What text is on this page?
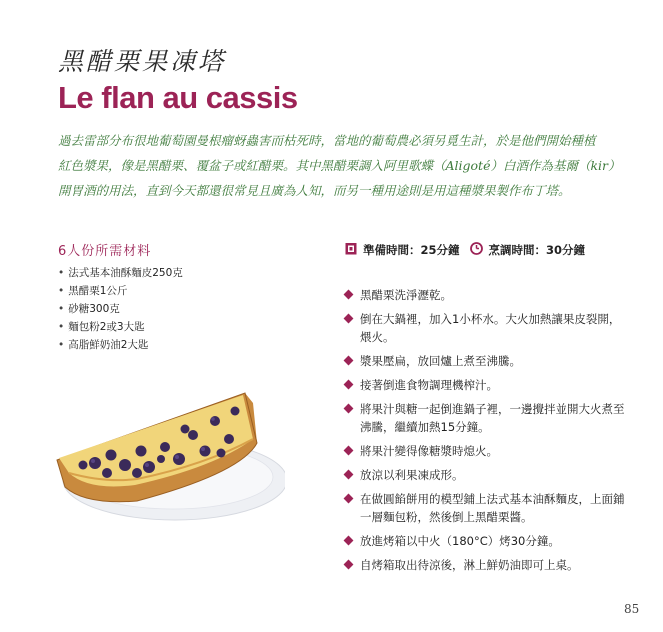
黑醋栗果凍塔
Le flan au cassis
過去雷部分布很地葡萄園曼根瘤蚜蟲害而枯死時，當地的葡萄農必須另覓生計，於是他們開始種植
紅色漿果，像是黑醋栗、覆盆子或紅醋栗。其中黑醋栗調入阿里歌蝶（Aligoté）白酒作為基爾（kir）
開胃酒的用法，直到今天都還很常見且廣為人知，而另一種用途則是用這種漿果製作布丁塔。
6人份所需材料
• 法式基本油酥麵皮250克
• 黑醋栗1公斤
• 砂糖300克
• 麵包粉2或3大匙
• 高脂鮮奶油2大匙
準備時間：25分鐘	烹調時間：30分鐘
黑醋栗洗淨瀝乾。
倒在大鍋裡，加入1小杯水。大火加熱讓果皮裂開，煨火。
漿果壓扁，放回爐上煮至沸騰。
接著倒進食物調理機榨汁。
將果汁與糖一起倒進鍋子裡，一邊攪拌並開大火煮至沸騰，繼續加熱15分鐘。
將果汁變得像糖漿時熄火。
放涼以利果凍成形。
在做圓餡餅用的模型鋪上法式基本油酥麵皮，上面鋪一層麵包粉，然後倒上黑醋栗醬。
放進烤箱以中火（180°C）烤30分鐘。
自烤箱取出待涼後，淋上鮮奶油即可上桌。
85
